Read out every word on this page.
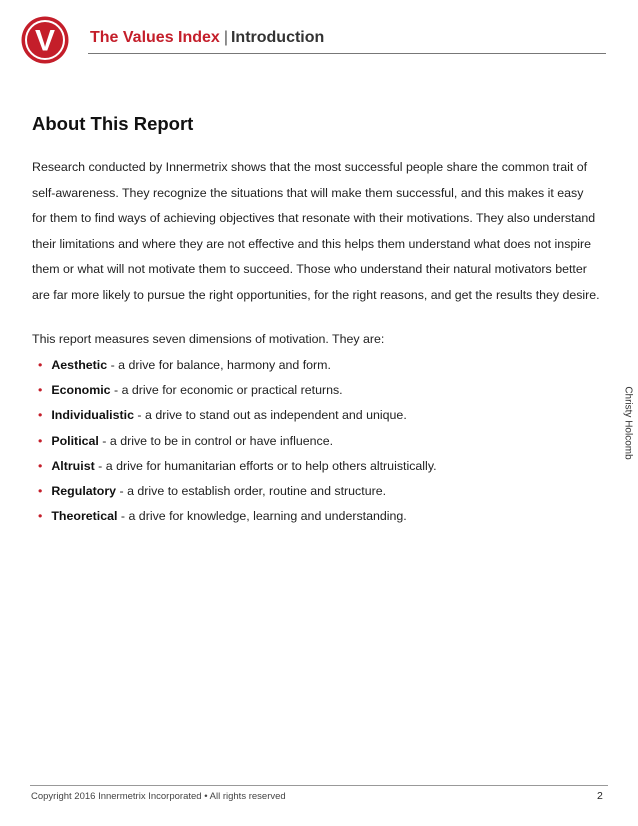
V The Values Index | Introduction
About This Report
Research conducted by Innermetrix shows that the most successful people share the common trait of
self-awareness. They recognize the situations that will make them successful, and this makes it easy
for them to find ways of achieving objectives that resonate with their motivations. They also understand
their limitations and where they are not effective and this helps them understand what does not inspire
them or what will not motivate them to succeed. Those who understand their natural motivators better
are far more likely to pursue the right opportunities, for the right reasons, and get the results they desire.

This report measures seven dimensions of motivation. They are:

• Aesthetic - a drive for balance, harmony and form.
• Economic - a drive for economic or practical returns.
• Individualistic - a drive to stand out as independent and unique.
• Political - a drive to be in control or have influence.
• Altruist - a drive for humanitarian efforts or to help others altruistically.
• Regulatory - a drive to establish order, routine and structure.
• Theoretical - a drive for knowledge, learning and understanding.
Christy Holcomb
Copyright 2016 Innermetrix Incorporated • All rights reserved	2
